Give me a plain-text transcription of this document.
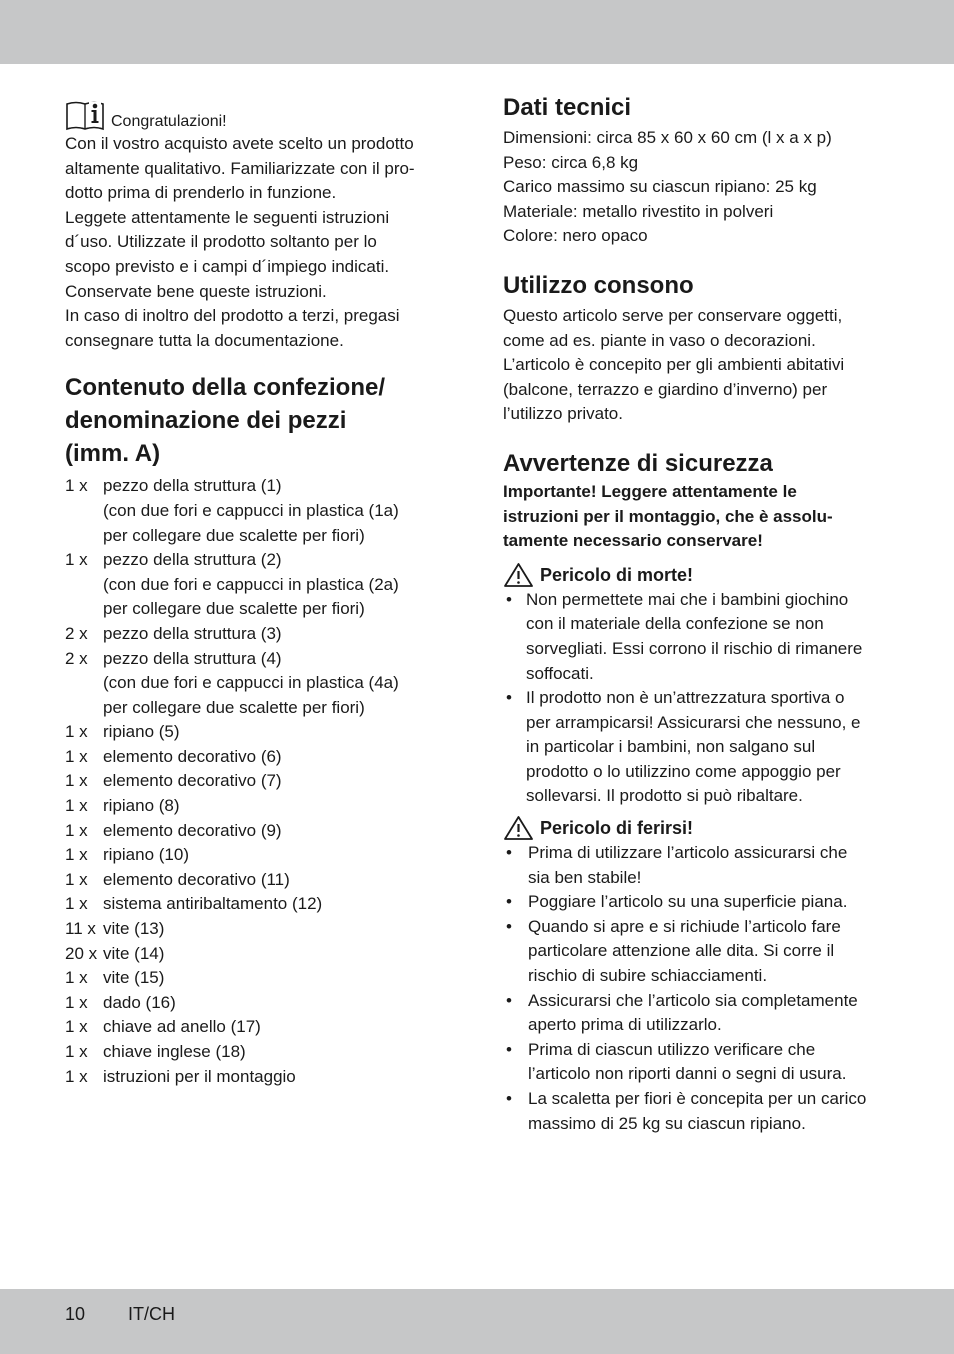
Congratulazioni!
Con il vostro acquisto avete scelto un prodotto
altamente qualitativo. Familiarizzate con il pro-
dotto prima di prenderlo in funzione.
Leggete attentamente le seguenti istruzioni
d´uso. Utilizzate il prodotto soltanto per lo
scopo previsto e i campi d´impiego indicati.
Conservate bene queste istruzioni.
In caso di inoltro del prodotto a terzi, pregasi
consegnare tutta la documentazione.
Contenuto della confezione/
denominazione dei pezzi
(imm. A)
1 x pezzo della struttura (1)
(con due fori e cappucci in plastica (1a)
per collegare due scalette per fiori)
1 x pezzo della struttura (2)
(con due fori e cappucci in plastica (2a)
per collegare due scalette per fiori)
2 x pezzo della struttura (3)
2 x pezzo della struttura (4)
(con due fori e cappucci in plastica (4a)
per collegare due scalette per fiori)
1 x ripiano (5)
1 x elemento decorativo (6)
1 x elemento decorativo (7)
1 x ripiano (8)
1 x elemento decorativo (9)
1 x ripiano (10)
1 x elemento decorativo (11)
1 x sistema antiribaltamento (12)
11 x vite (13)
20 x vite (14)
1 x vite (15)
1 x dado (16)
1 x chiave ad anello (17)
1 x chiave inglese (18)
1 x istruzioni per il montaggio
Dati tecnici
Dimensioni: circa 85 x 60 x 60 cm (l x a x p)
Peso: circa 6,8 kg
Carico massimo su ciascun ripiano: 25 kg
Materiale: metallo rivestito in polveri
Colore: nero opaco
Utilizzo consono
Questo articolo serve per conservare oggetti,
come ad es. piante in vaso o decorazioni.
L’articolo è concepito per gli ambienti abitativi
(balcone, terrazzo e giardino d’inverno) per
l’utilizzo privato.
Avvertenze di sicurezza
Importante! Leggere attentamente le
istruzioni per il montaggio, che è assolu-
tamente necessario conservare!
Pericolo di morte!
• Non permettete mai che i bambini giochino
con il materiale della confezione se non
sorvegliati. Essi corrono il rischio di rimanere
soffocati.
• Il prodotto non è un’attrezzatura sportiva o
per arrampicarsi! Assicurarsi che nessuno, e
in particolar i bambini, non salgano sul
prodotto o lo utilizzino come appoggio per
sollevarsi. Il prodotto si può ribaltare.
Pericolo di ferirsi!
• Prima di utilizzare l’articolo assicurarsi che
sia ben stabile!
• Poggiare l’articolo su una superficie piana.
• Quando si apre e si richiude l’articolo fare
particolare attenzione alle dita. Si corre il
rischio di subire schiacciamenti.
• Assicurarsi che l’articolo sia completamente
aperto prima di utilizzarlo.
• Prima di ciascun utilizzo verificare che
l’articolo non riporti danni o segni di usura.
• La scaletta per fiori è concepita per un carico
massimo di 25 kg su ciascun ripiano.
10 IT/CH
